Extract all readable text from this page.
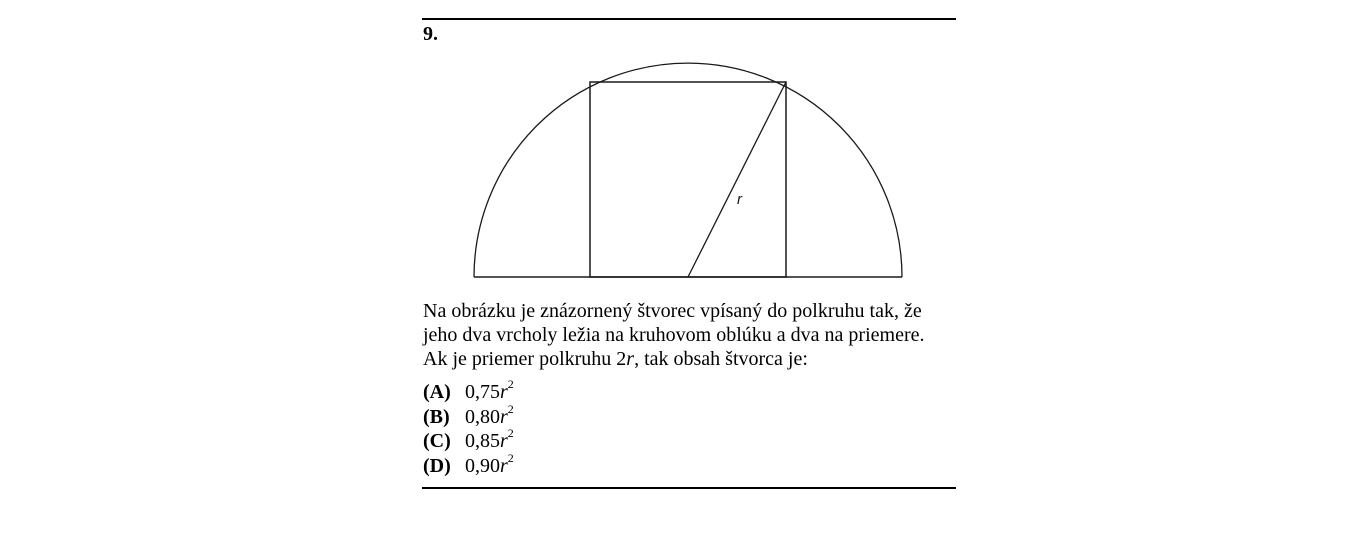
9.
r
Na obrázku je znázornený štvorec vpísaný do polkruhu tak, že
jeho dva vrcholy ležia na kruhovom oblúku a dva na priemere.
Ak je priemer polkruhu 2r, tak obsah štvorca je:
(A) $0,75r^2$
(B) $0,80r^2$
(C) $0,85r^2$
(D) $0,90r^2$
